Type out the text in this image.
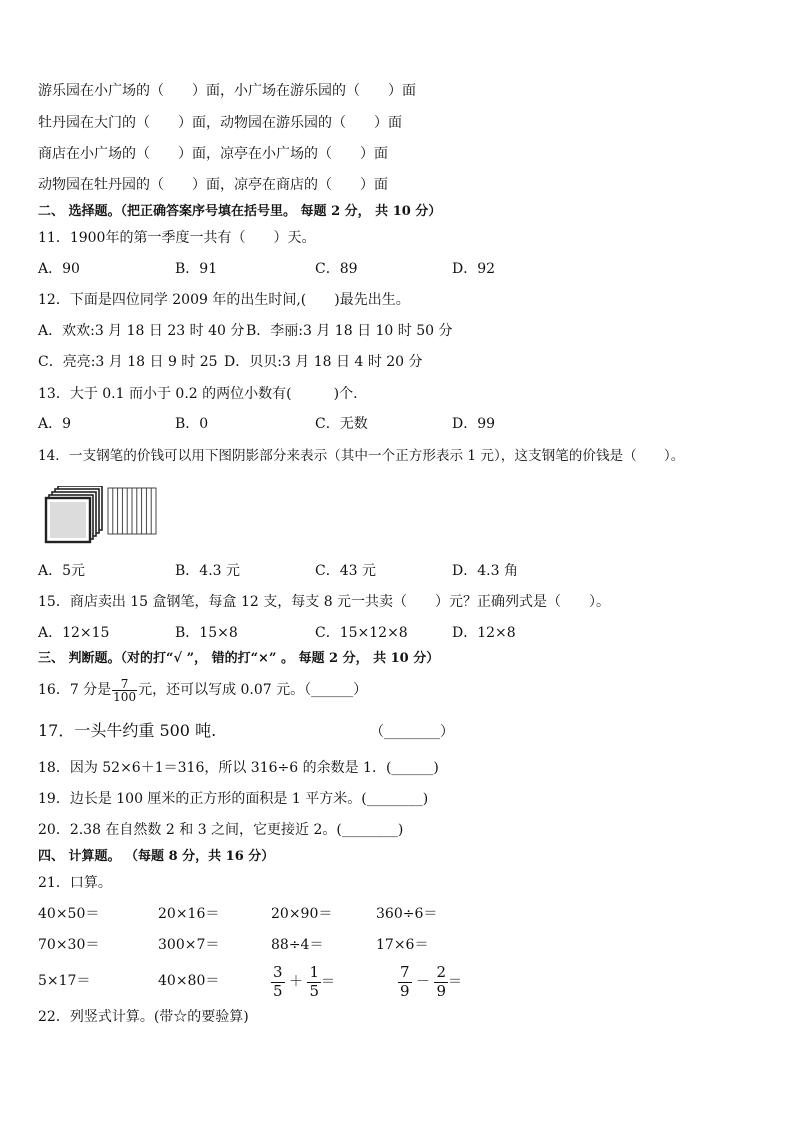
游乐园在小广场的（　　）面，小广场在游乐园的（　　）面
牡丹园在大门的（　　）面，动物园在游乐园的（　　）面
商店在小广场的（　　）面，凉亭在小广场的（　　）面
动物园在牡丹园的（　　）面，凉亭在商店的（　　）面
二、 选择题。（把正确答案序号填在括号里。 每题 2 分， 共 10 分）
11．1900年的第一季度一共有（　　）天。
A．90	B．91	C．89	D．92
12．下面是四位同学 2009 年的出生时间,(　　)最先出生。
A．欢欢:3 月 18 日 23 时 40 分 B．李丽:3 月 18 日 10 时 50 分
C．亮亮:3 月 18 日 9 时 25 D．贝贝:3 月 18 日 4 时 20 分
13．大于 0.1 而小于 0.2 的两位小数有(　　　)个.
A．9	B．0	C．无数	D．99
14．一支钢笔的价钱可以用下图阴影部分来表示（其中一个正方形表示 1 元），这支钢笔的价钱是（　　）。
A．5元	B．4.3 元	C．43 元	D．4.3 角
15．商店卖出 15 盒钢笔，每盒 12 支，每支 8 元一共卖（　　）元？正确列式是（　　）。
A．12×15	B．15×8	C．15×12×8	D．12×8
三、 判断题。（对的打“√ ”， 错的打“×” 。 每题 2 分， 共 10 分）
16．7 分是 $\frac{7}{100}$ 元，还可以写成 0.07 元。（______）
17．一头牛约重 500 吨.	（________）
18．因为 52×6＋1＝316，所以 316÷6 的余数是 1．(______)
19．边长是 100 厘米的正方形的面积是 1 平方米。(________)
20．2.38 在自然数 2 和 3 之间，它更接近 2。(________)
四、 计算题。 （每题 8 分，共 16 分）
21．口算。
40×50＝	20×16＝	20×90＝	360÷6＝
70×30＝	300×7＝	88÷4＝	17×6＝
5×17＝	40×80＝	$\frac{3}{5} + \frac{1}{5}$ ＝	$\frac{7}{9} - \frac{2}{9}$ ＝
22．列竖式计算。(带☆的要验算)
